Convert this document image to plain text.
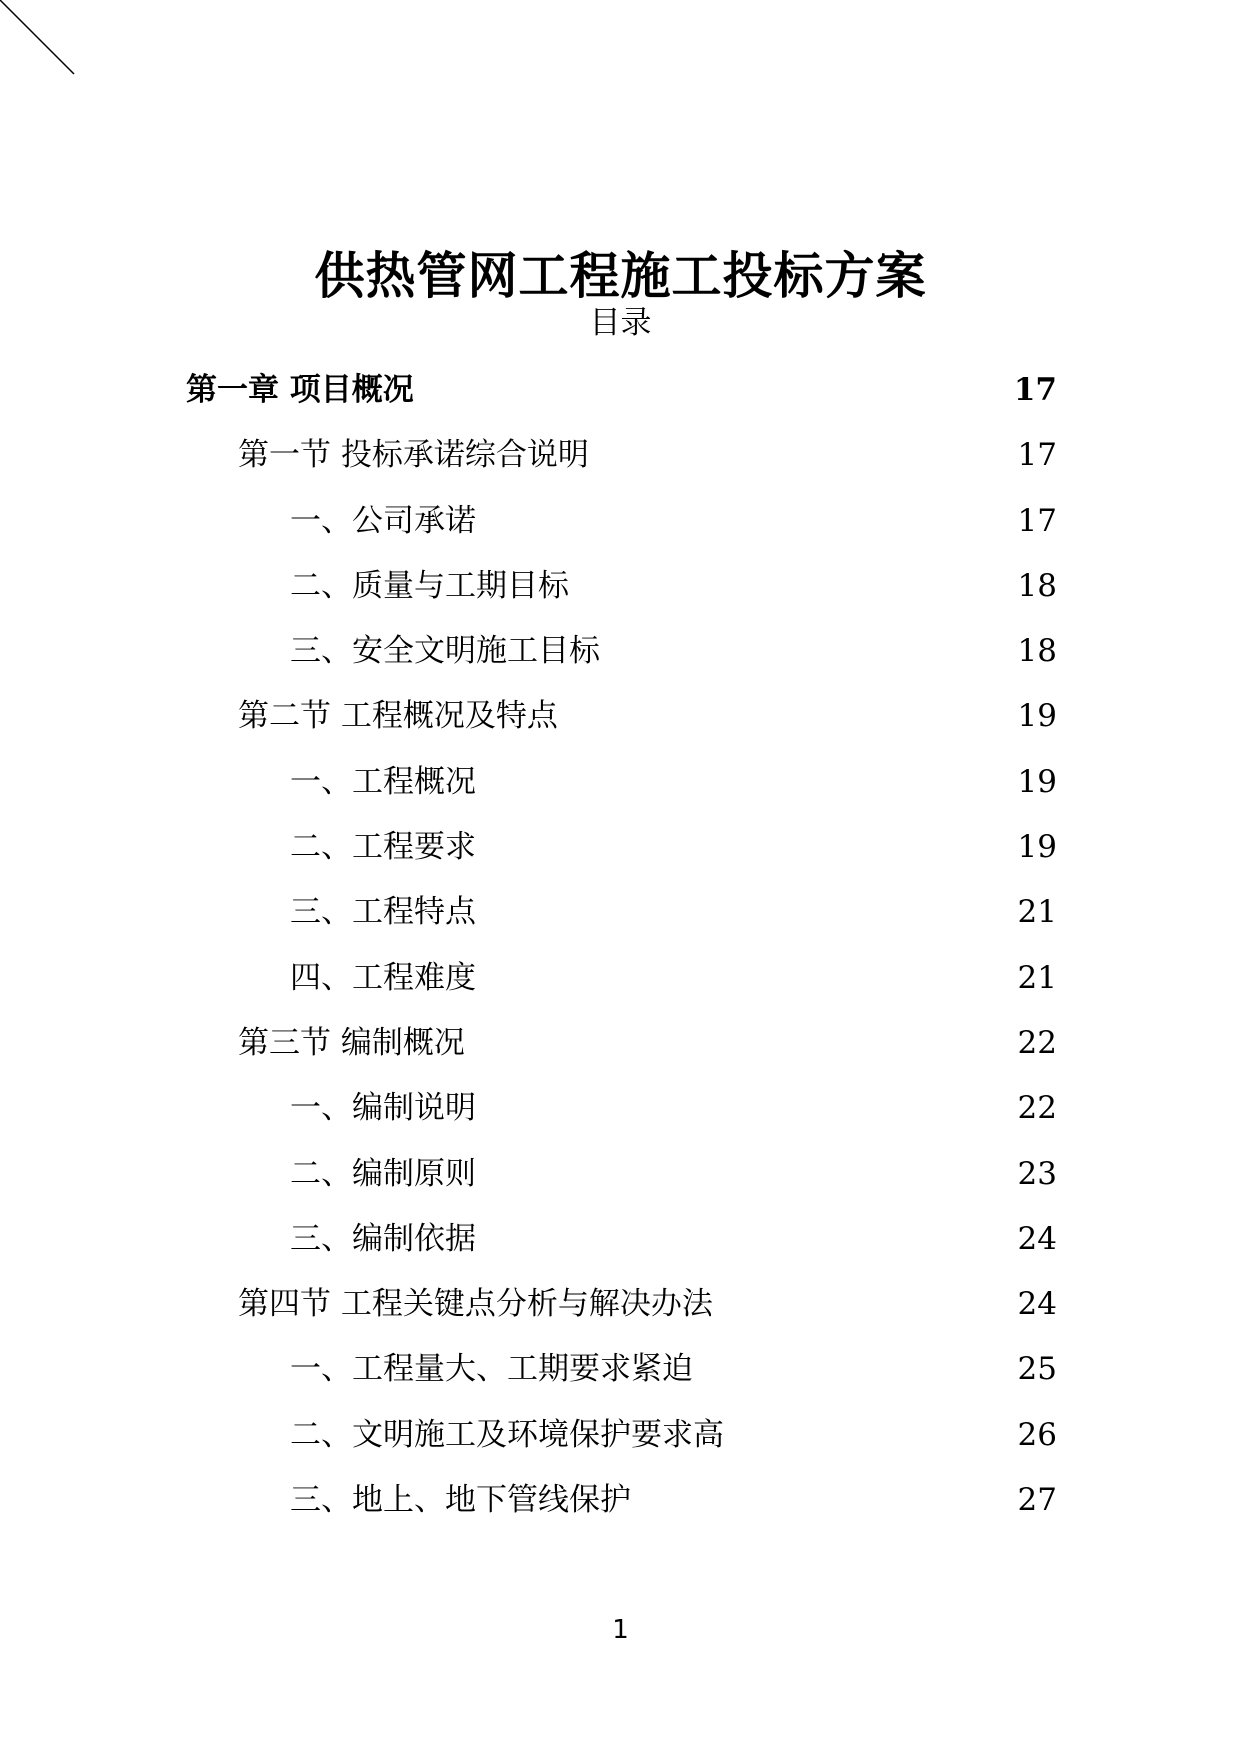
供热管网工程施工投标方案
目录
第一章 项目概况	17
第一节 投标承诺综合说明	17
一、公司承诺	17
二、质量与工期目标	18
三、安全文明施工目标	18
第二节 工程概况及特点	19
一、工程概况	19
二、工程要求	19
三、工程特点	21
四、工程难度	21
第三节 编制概况	22
一、编制说明	22
二、编制原则	23
三、编制依据	24
第四节 工程关键点分析与解决办法	24
一、工程量大、工期要求紧迫	25
二、文明施工及环境保护要求高	26
三、地上、地下管线保护	27
1
